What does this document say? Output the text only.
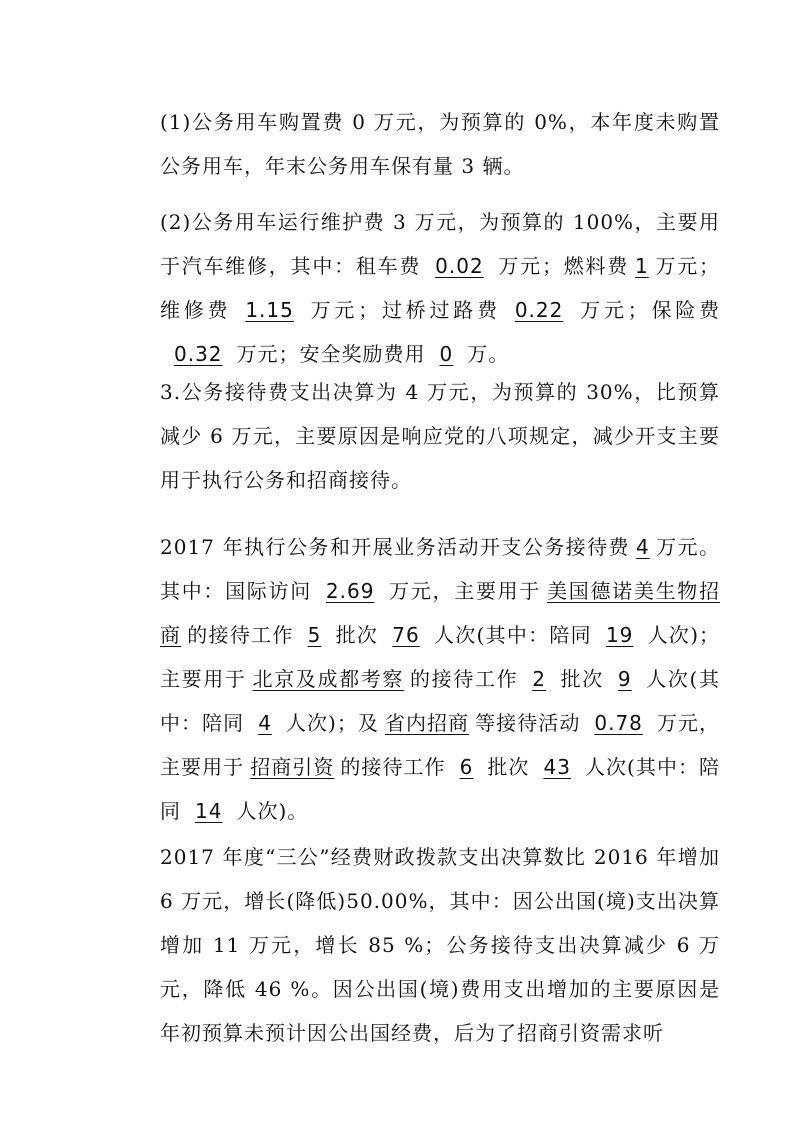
(1)公务用车购置费 0 万元，为预算的 0%，本年度未购置公务用车，年末公务用车保有量 3 辆。

(2)公务用车运行维护费 3 万元，为预算的 100%，主要用于汽车维修，其中：租车费 0.02 万元；燃料费 1 万元；维修费 1.15 万元；过桥过路费 0.22 万元；保险费0.32 万元；安全奖励费用 0 万。

3.公务接待费支出决算为 4 万元，为预算的 30%，比预算减少 6 万元，主要原因是响应党的八项规定，减少开支主要用于执行公务和招商接待。

2017 年执行公务和开展业务活动开支公务接待费 4 万元。其中：国际访问 2.69 万元，主要用于 美国德诺美生物招商 的接待工作 5 批次 76 人次(其中：陪同 19 人次)；主要用于 北京及成都考察 的接待工作 2 批次 9 人次(其中：陪同 4 人次)；及 省内招商 等接待活动 0.78 万元，主要用于 招商引资 的接待工作 6 批次 43 人次(其中：陪同 14 人次)。

2017 年度“三公”经费财政拨款支出决算数比 2016 年增加 6 万元，增长(降低)50.00%，其中：因公出国(境)支出决算增加 11 万元，增长 85 %；公务接待支出决算减少 6 万元，降低 46 %。因公出国(境)费用支出增加的主要原因是年初预算未预计因公出国经费，后为了招商引资需求听
